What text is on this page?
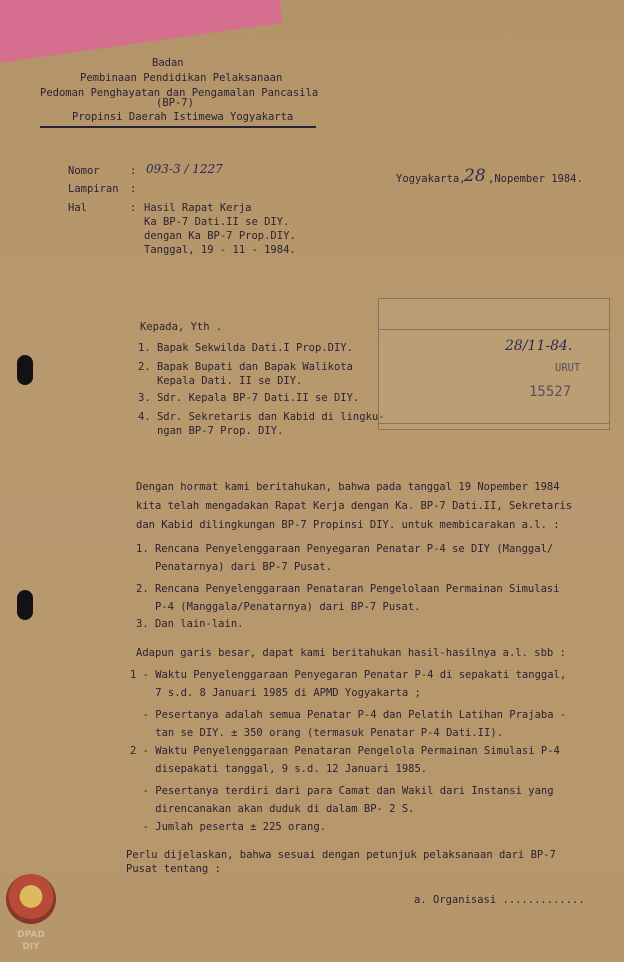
Badan
Pembinaan Pendidikan Pelaksanaan
Pedoman Penghayatan dan Pengamalan Pancasila
(BP-7)
Propinsi Daerah Istimewa Yogyakarta
Nomor	: 093-3 / 1227
Lampiran :
Hal	: Hasil Rapat Kerja
Ka BP-7 Dati.II se DIY.
dengan Ka BP-7 Prop.DIY.
Tanggal, 19 - 11 - 1984.
Yogyakarta,
28 ,Nopember 1984.
28/11-84.
URUT
15527
Kepada, Yth .
1. Bapak Sekwilda Dati.I Prop.DIY.
2. Bapak Bupati dan Bapak Walikota
Kepala Dati. II se DIY.
3. Sdr. Kepala BP-7 Dati.II se DIY.
4. Sdr. Sekretaris dan Kabid di lingku-
ngan BP-7 Prop. DIY.
Dengan hormat kami beritahukan, bahwa pada tanggal 19 Nopember 1984
kita telah mengadakan Rapat Kerja dengan Ka. BP-7 Dati.II, Sekretaris
dan Kabid dilingkungan BP-7 Propinsi DIY. untuk membicarakan a.l. :
1. Rencana Penyelenggaraan Penyegaran Penatar P-4 se DIY (Manggal/
Penatarnya) dari BP-7 Pusat.
2. Rencana Penyelenggaraan Penataran Pengelolaan Permainan Simulasi
P-4 (Manggala/Penatarnya) dari BP-7 Pusat.
3. Dan lain-lain.
Adapun garis besar, dapat kami beritahukan hasil-hasilnya a.l. sbb :
1 - Waktu Penyelenggaraan Penyegaran Penatar P-4 di sepakati tanggal,
7 s.d. 8 Januari 1985 di APMD Yogyakarta ;
- Pesertanya adalah semua Penatar P-4 dan Pelatih Latihan Prajaba -
tan se DIY. ± 350 orang (termasuk Penatar P-4 Dati.II).
2 - Waktu Penyelenggaraan Penataran Pengelola Permainan Simulasi P-4
disepakati tanggal, 9 s.d. 12 Januari 1985.
- Pesertanya terdiri dari para Camat dan Wakil dari Instansi yang
direncanakan akan duduk di dalam BP- 2 S.
- Jumlah peserta ± 225 orang.
Perlu dijelaskan, bahwa sesuai dengan petunjuk pelaksanaan dari BP-7
Pusat tentang :
a. Organisasi .............
DPAD
DIY
